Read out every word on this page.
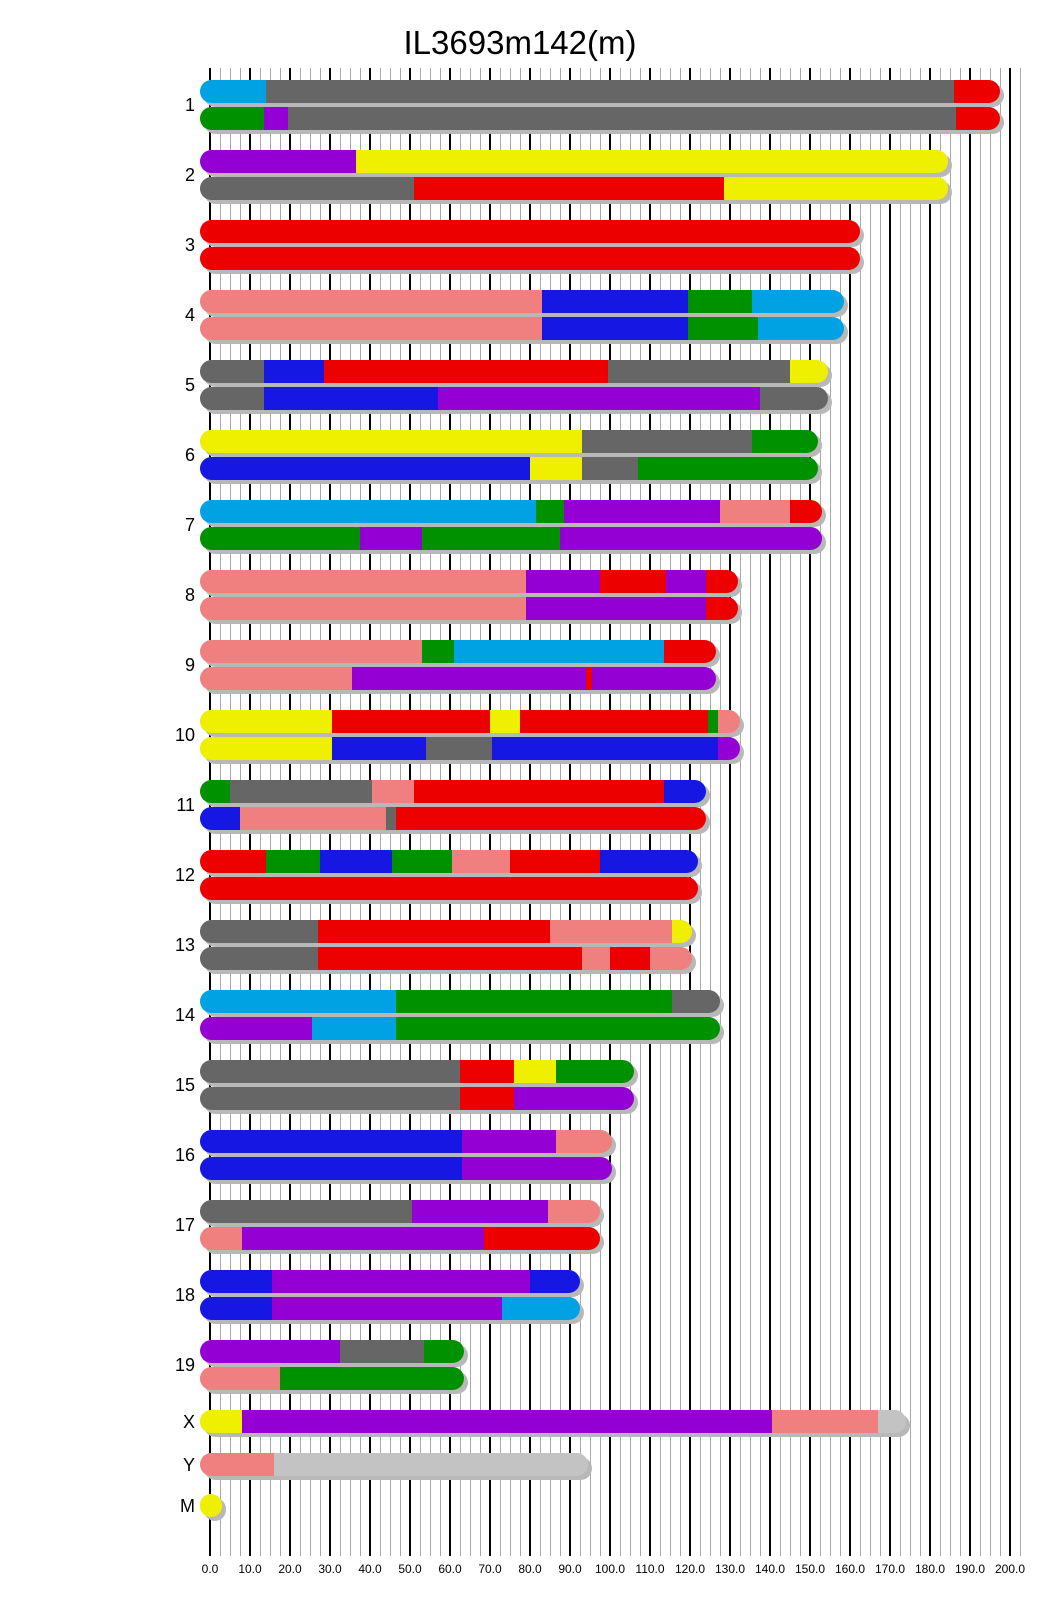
IL3693m142(m)
1
2
3
4
5
6
7
8
9
10
11
12
13
14
15
16
17
18
19
X
Y
M
0.0	10.0	20.0	30.0	40.0	50.0	60.0	70.0	80.0	90.0	100.0 110.0 120.0 130.0 140.0 150.0 160.0 170.0 180.0 190.0 200.0
